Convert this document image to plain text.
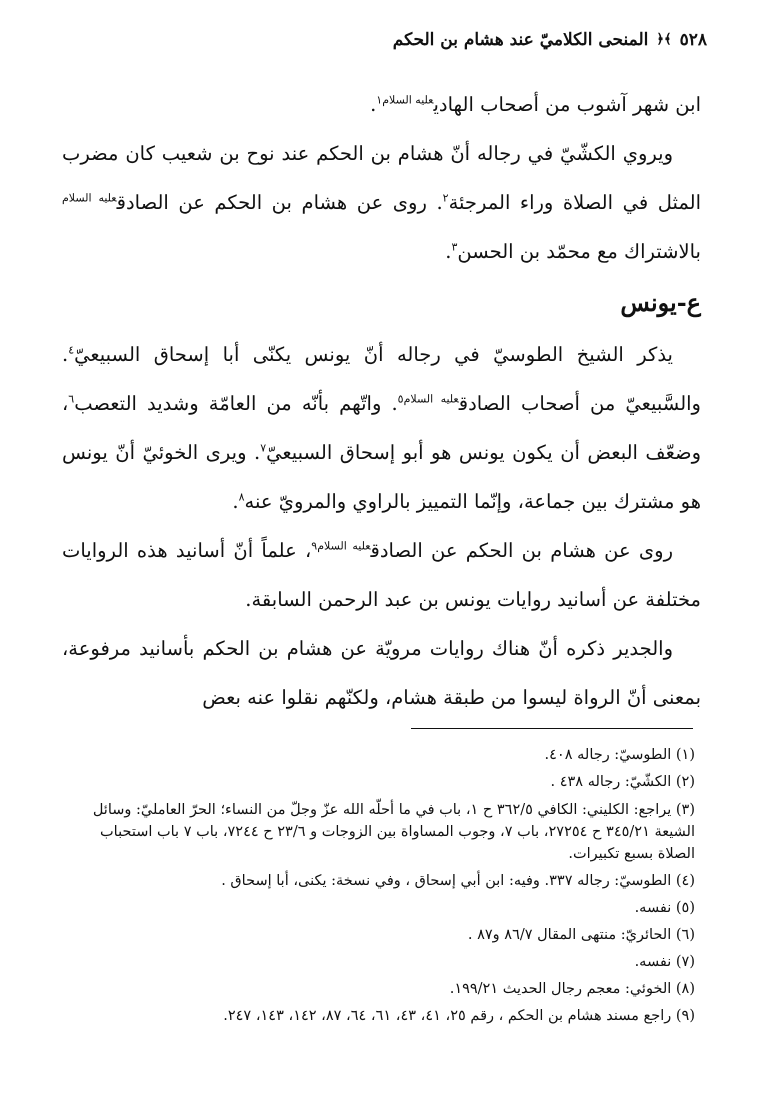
٥٢٨
﴾﴿
المنحى الكلاميّ عند هشام بن الحكم

ابن شهر آشوب من أصحاب الهادي$^{عليه السلام١}$.

ويروي الكشّيّ في رجاله أنّ هشام بن الحكم عند نوح بن شعيب كان مضرب المثل في الصلاة وراء المرجئة$^٢$. روى عن هشام بن الحكم عن الصادق$^{عليه السلام}$ بالاشتراك مع محمّد بن الحسن$^٣$.

ع-يونس

يذكر الشيخ الطوسيّ في رجاله أنّ يونس يكنّى أبا إسحاق السبيعيّ$^٤$. والسَّبيعيّ من أصحاب الصادق$^{عليه السلام٥}$. واتّهم بأنّه من العامّة وشديد التعصب$^٦$، وضعّف البعض أن يكون يونس هو أبو إسحاق السبيعيّ$^٧$. ويرى الخوئيّ أنّ يونس هو مشترك بين جماعة، وإنّما التمييز بالراوي والمرويّ عنه$^٨$.

روى عن هشام بن الحكم عن الصادق$^{عليه السلام٩}$، علماً أنّ أسانيد هذه الروايات مختلفة عن أسانيد روايات يونس بن عبد الرحمن السابقة.

والجدير ذكره أنّ هناك روايات مرويّة عن هشام بن الحكم بأسانيد مرفوعة، بمعنى أنّ الرواة ليسوا من طبقة هشام، ولكنّهم نقلوا عنه بعض

(١) الطوسيّ: رجاله ٤٠٨.

(٢) الكشّيّ: رجاله ٤٣٨ .

(٣) يراجع: الكليني: الكافي ٣٦٢/٥ ح ١، باب في ما أحلّه الله عزّ وجلّ من النساء؛ الحرّ العامليّ: وسائل الشيعة ٣٤٥/٢١ ح ٢٧٢٥٤، باب ٧، وجوب المساواة بين الزوجات و ٢٣/٦ ح ٧٢٤٤، باب ٧ باب استحباب الصلاة بسبع تكبيرات.

(٤) الطوسيّ: رجاله ٣٣٧. وفيه: ابن أبي إسحاق ، وفي نسخة: يكنى، أبا إسحاق .

(٥) نفسه.

(٦) الحائريّ: منتهى المقال ٨٦/٧ و٨٧ .

(٧) نفسه.

(٨) الخوئي: معجم رجال الحديث ١٩٩/٢١.

(٩) راجع مسند هشام بن الحكم ، رقم ٢٥، ٤١، ٤٣، ٦١، ٦٤، ٨٧، ١٤٢، ١٤٣، ٢٤٧.
